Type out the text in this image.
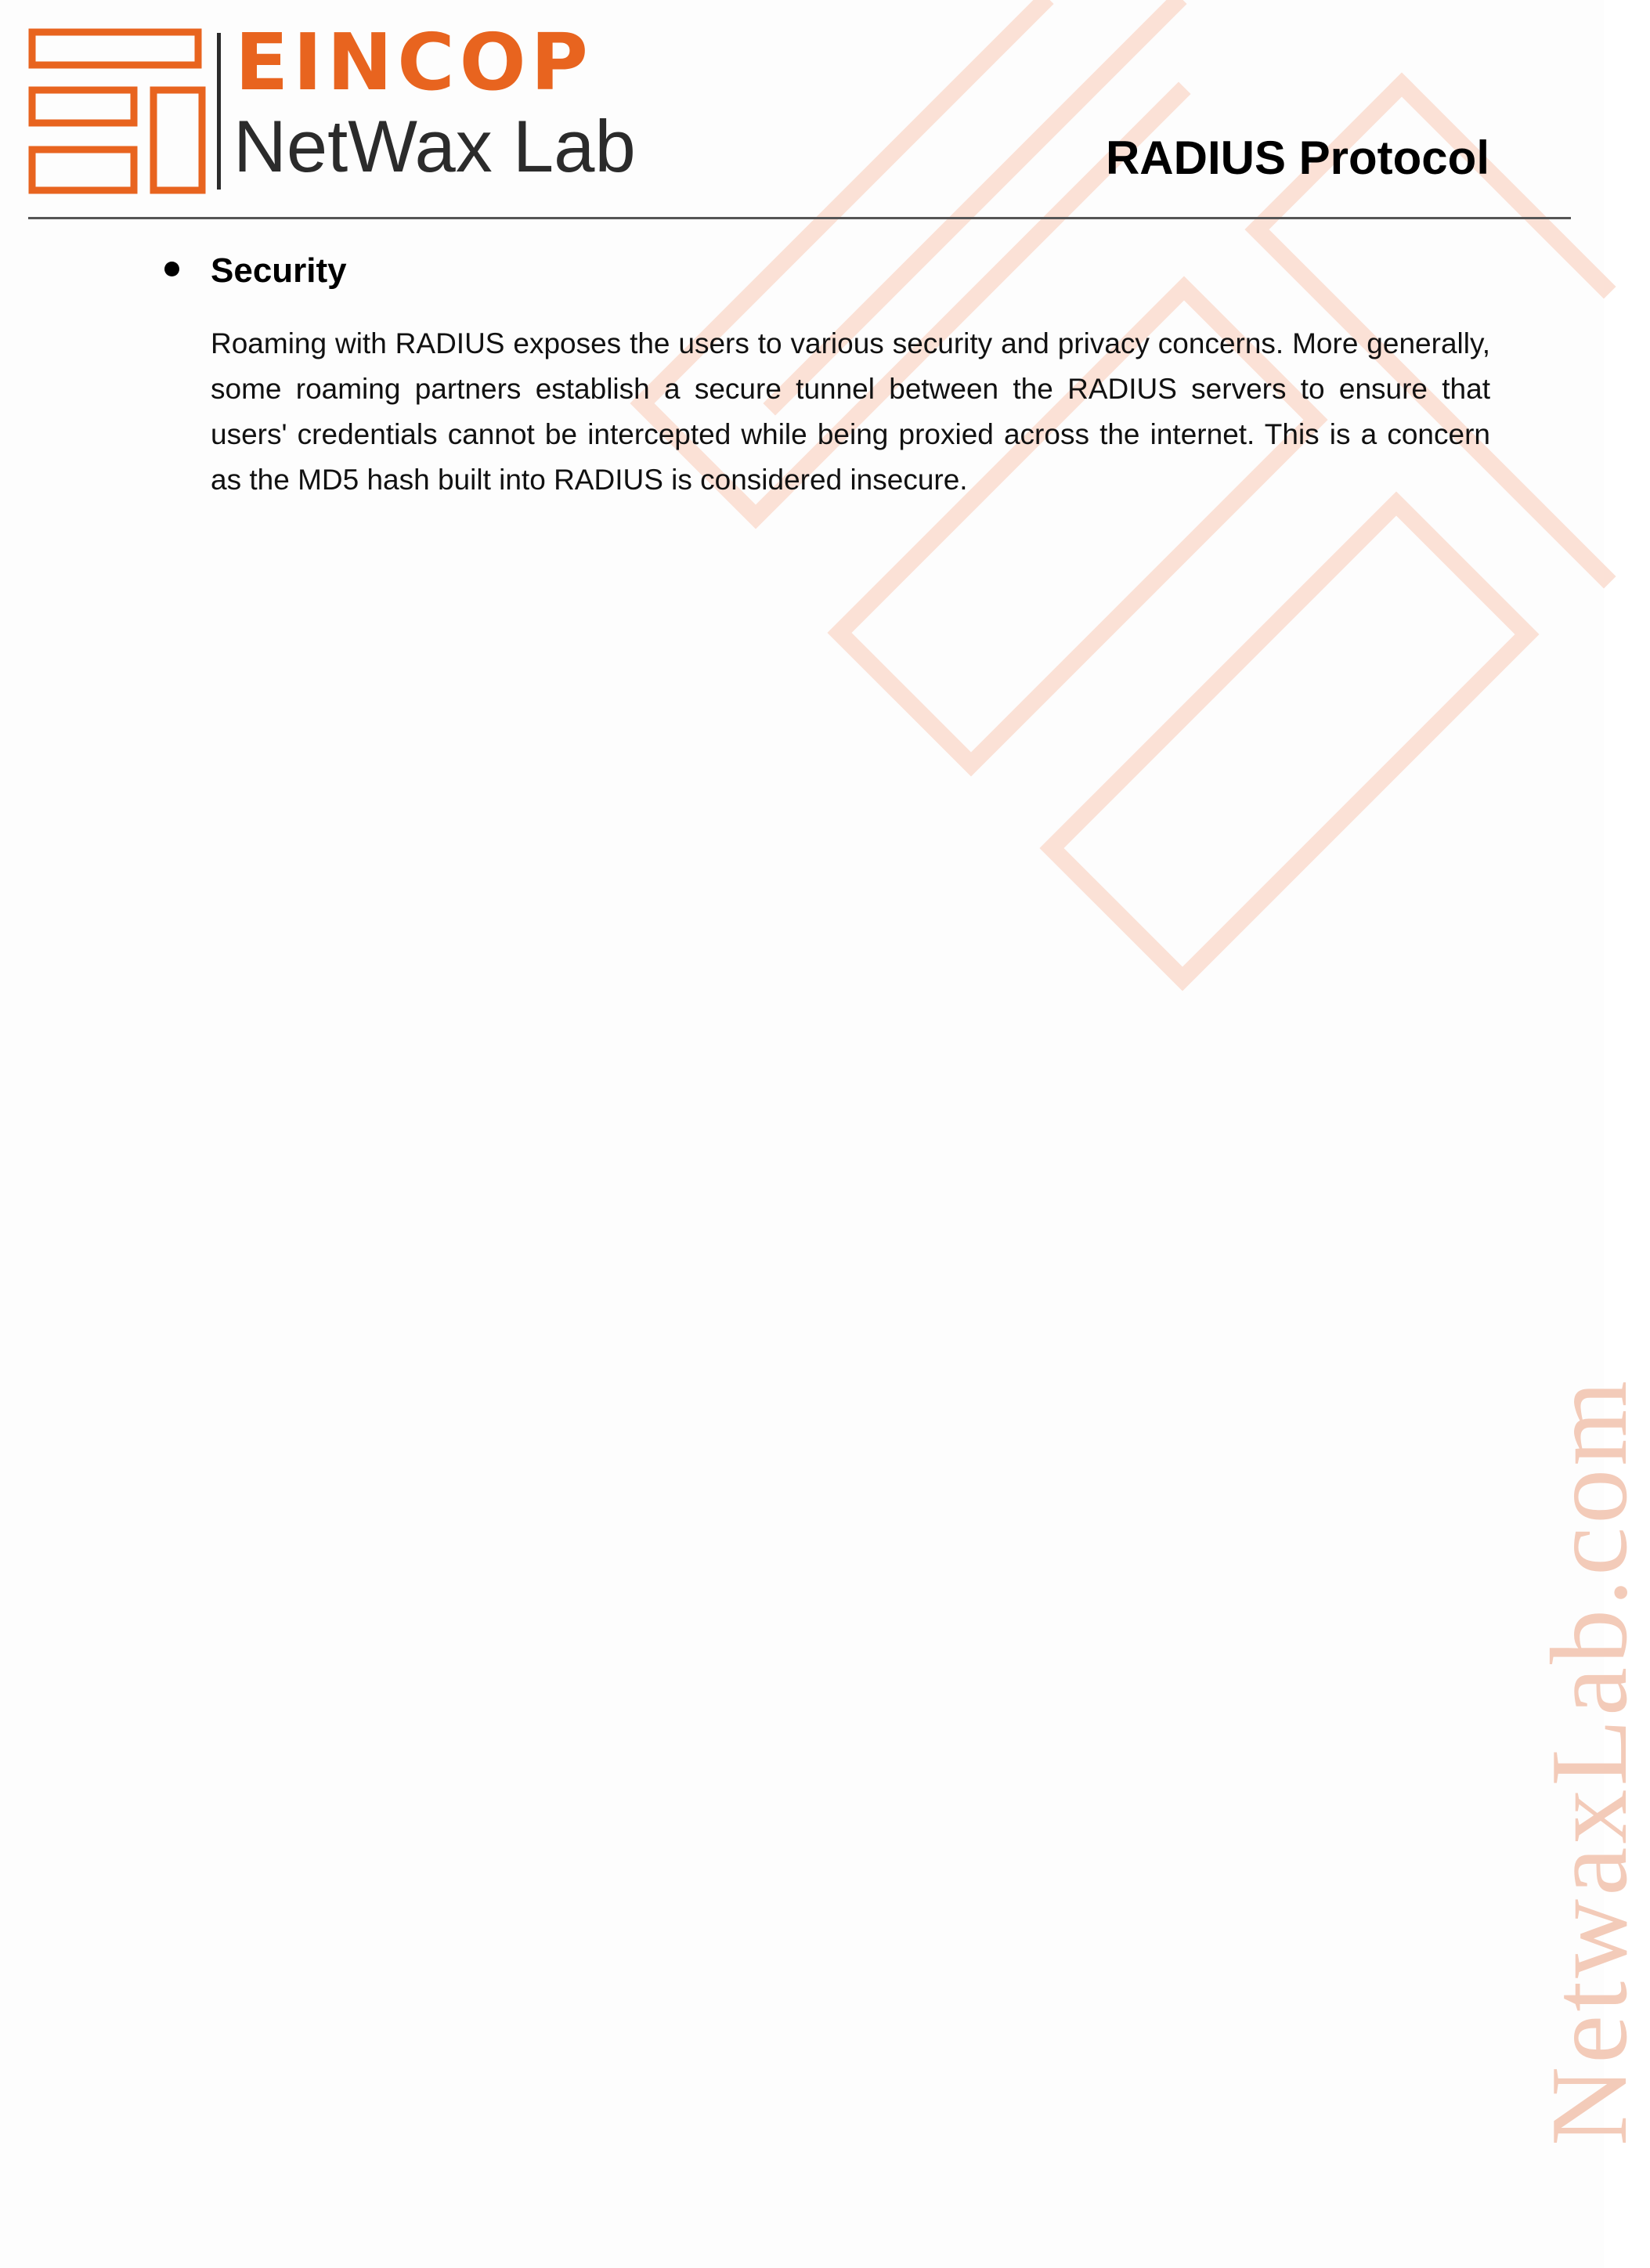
EINCOP
NetWax Lab	RADIUS Protocol
Security

Roaming with RADIUS exposes the users to various security and privacy concerns. More generally, some roaming partners establish a secure tunnel between the RADIUS servers to ensure that users' credentials cannot be intercepted while being proxied across the internet. This is a concern as the MD5 hash built into RADIUS is considered insecure.

NetwaxLab.com
